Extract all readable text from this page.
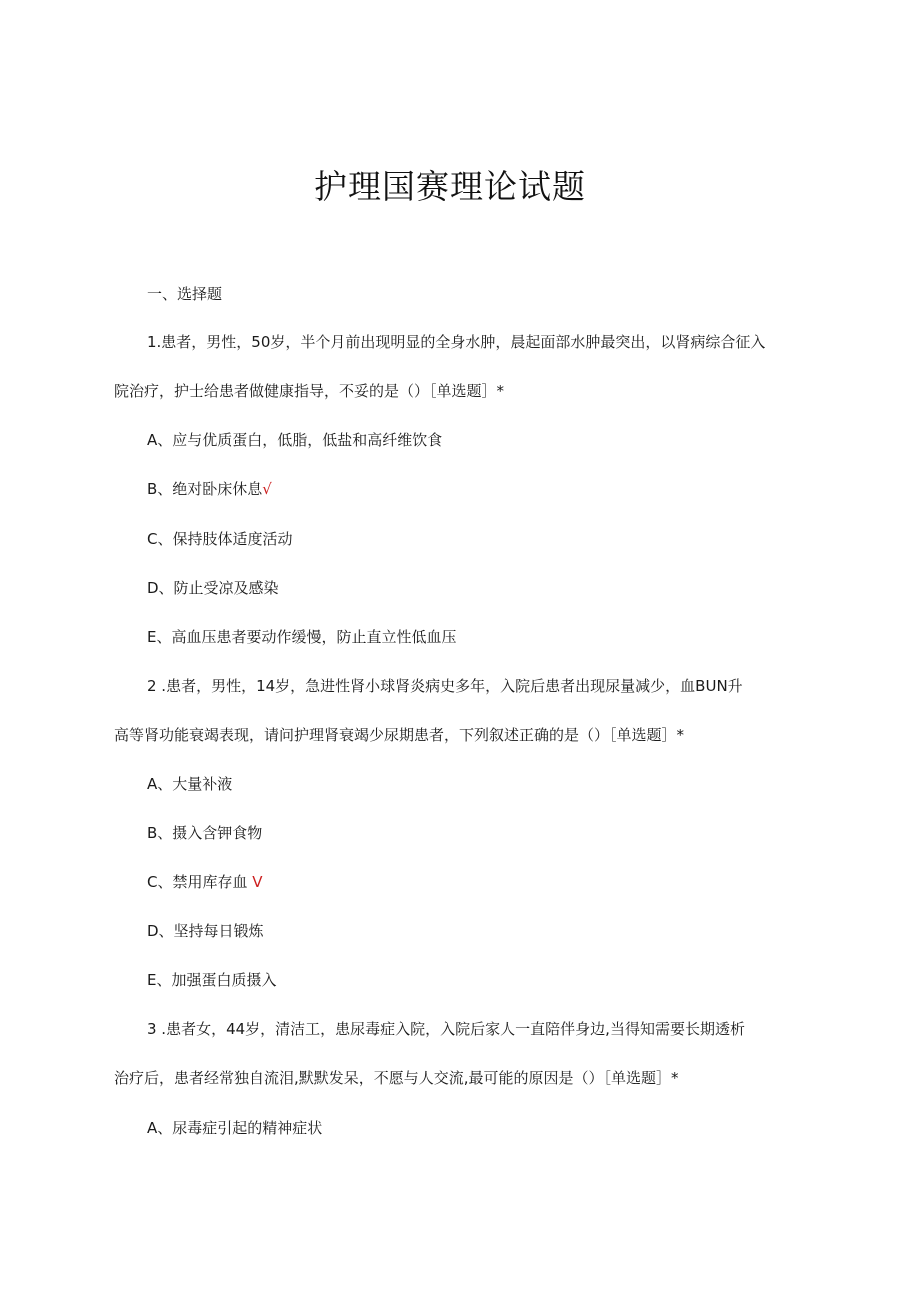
护理国赛理论试题

一、选择题

1.患者，男性，50岁，半个月前出现明显的全身水肿，晨起面部水肿最突出，以肾病综合征入

院治疗，护士给患者做健康指导，不妥的是（）［单选题］*

A、应与优质蛋白，低脂，低盐和高纤维饮食

B、绝对卧床休息√

C、保持肢体适度活动

D、防止受凉及感染

E、高血压患者要动作缓慢，防止直立性低血压

2 .患者，男性，14岁，急进性肾小球肾炎病史多年，入院后患者出现尿量减少，血BUN升

高等肾功能衰竭表现，请问护理肾衰竭少尿期患者，下列叙述正确的是（）［单选题］*

A、大量补液

B、摄入含钾食物

C、禁用库存血 V

D、坚持每日锻炼

E、加强蛋白质摄入

3 .患者女，44岁，清洁工，患尿毒症入院，入院后家人一直陪伴身边,当得知需要长期透析

治疗后，患者经常独自流泪,默默发呆，不愿与人交流,最可能的原因是（）［单选题］*

A、尿毒症引起的精神症状
